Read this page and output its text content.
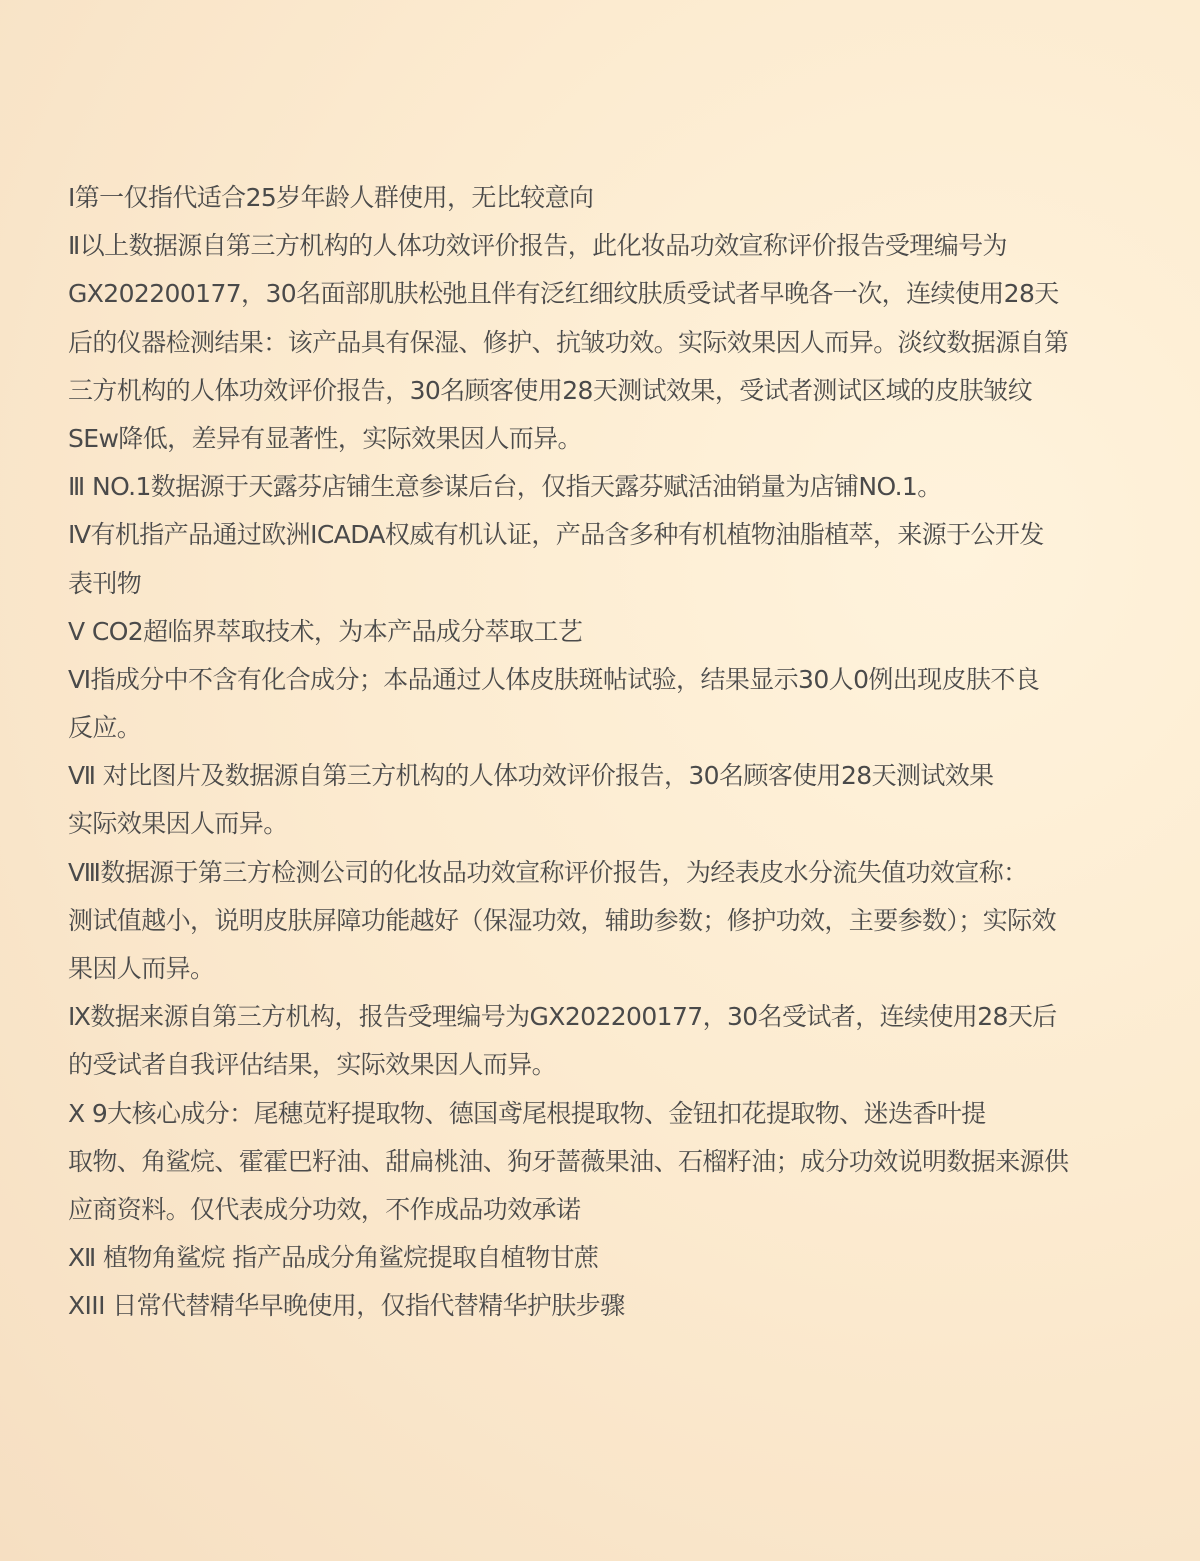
Ⅰ第一仅指代适合25岁年龄人群使用，无比较意向
Ⅱ以上数据源自第三方机构的人体功效评价报告，此化妆品功效宣称评价报告受理编号为
GX202200177，30名面部肌肤松弛且伴有泛红细纹肤质受试者早晚各一次，连续使用28天
后的仪器检测结果：该产品具有保湿、修护、抗皱功效。实际效果因人而异。淡纹数据源自第
三方机构的人体功效评价报告，30名顾客使用28天测试效果，受试者测试区域的皮肤皱纹
SEw降低，差异有显著性，实际效果因人而异。
Ⅲ NO.1数据源于天露芬店铺生意参谋后台，仅指天露芬赋活油销量为店铺NO.1。
Ⅳ有机指产品通过欧洲ICADA权威有机认证，产品含多种有机植物油脂植萃，来源于公开发
表刊物
Ⅴ CO2超临界萃取技术，为本产品成分萃取工艺
Ⅵ指成分中不含有化合成分；本品通过人体皮肤斑帖试验，结果显示30人0例出现皮肤不良
反应。
Ⅶ 对比图片及数据源自第三方机构的人体功效评价报告，30名顾客使用28天测试效果
实际效果因人而异。
Ⅷ数据源于第三方检测公司的化妆品功效宣称评价报告，为经表皮水分流失值功效宣称：
测试值越小，说明皮肤屏障功能越好（保湿功效，辅助参数；修护功效，主要参数）；实际效
果因人而异。
Ⅸ数据来源自第三方机构，报告受理编号为GX202200177，30名受试者，连续使用28天后
的受试者自我评估结果，实际效果因人而异。
Ⅹ 9大核心成分：尾穗苋籽提取物、德国鸢尾根提取物、金钮扣花提取物、迷迭香叶提
取物、角鲨烷、霍霍巴籽油、甜扁桃油、狗牙蔷薇果油、石榴籽油；成分功效说明数据来源供
应商资料。仅代表成分功效，不作成品功效承诺
Ⅻ 植物角鲨烷 指产品成分角鲨烷提取自植物甘蔗
XIII 日常代替精华早晚使用，仅指代替精华护肤步骤
